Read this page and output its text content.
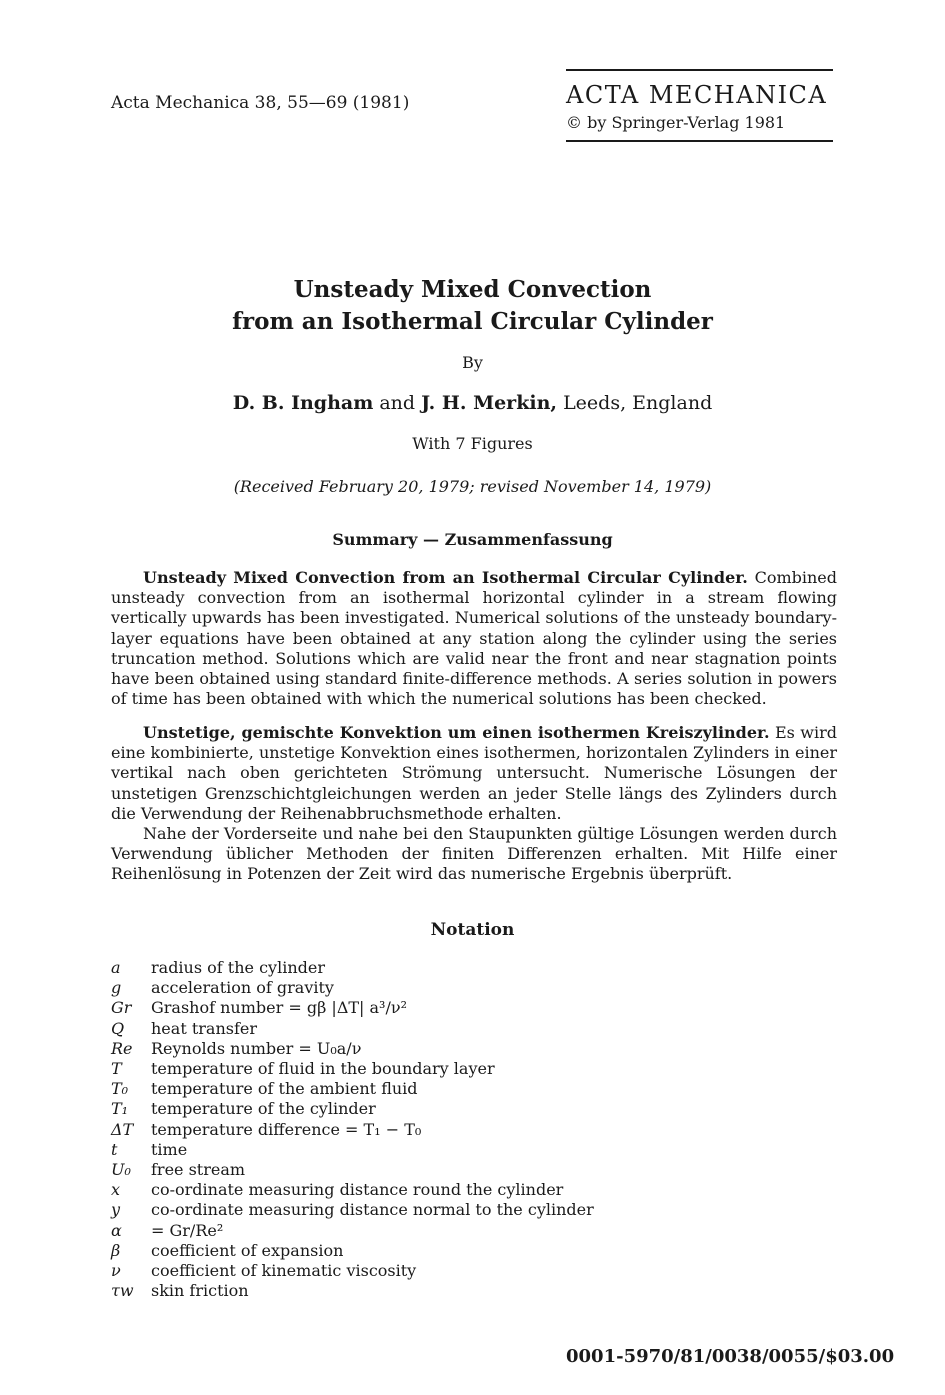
Acta Mechanica 38, 55—69 (1981)	ACTA MECHANICA
© by Springer-Verlag 1981
Unsteady Mixed Convection
from an Isothermal Circular Cylinder
By
D. B. Ingham and J. H. Merkin, Leeds, England
With 7 Figures
(Received February 20, 1979; revised November 14, 1979)
Summary — Zusammenfassung

Unsteady Mixed Convection from an Isothermal Circular Cylinder. Combined unsteady convection from an isothermal horizontal cylinder in a stream flowing vertically upwards has been investigated. Numerical solutions of the unsteady boundary-layer equations have been obtained at any station along the cylinder using the series truncation method. Solutions which are valid near the front and near stagnation points have been obtained using standard finite-difference methods. A series solution in powers of time has been obtained with which the numerical solutions has been checked.

Unstetige, gemischte Konvektion um einen isothermen Kreiszylinder. Es wird eine kombinierte, unstetige Konvektion eines isothermen, horizontalen Zylinders in einer vertikal nach oben gerichteten Strömung untersucht. Numerische Lösungen der unstetigen Grenzschichtgleichungen werden an jeder Stelle längs des Zylinders durch die Verwendung der Reihenabbruchsmethode erhalten.

Nahe der Vorderseite und nahe bei den Staupunkten gültige Lösungen werden durch Verwendung üblicher Methoden der finiten Differenzen erhalten. Mit Hilfe einer Reihenlösung in Potenzen der Zeit wird das numerische Ergebnis überprüft.

Notation
a	radius of the cylinder
g	acceleration of gravity
Gr	Grashof number = gβ |ΔT| a³/ν²
Q	heat transfer
Re	Reynolds number = U₀a/ν
T	temperature of fluid in the boundary layer
T₀	temperature of the ambient fluid
T₁	temperature of the cylinder
ΔT	temperature difference = T₁ − T₀
t	time
U₀	free stream
x	co-ordinate measuring distance round the cylinder
y	co-ordinate measuring distance normal to the cylinder
α	= Gr/Re²
β	coefficient of expansion
ν	coefficient of kinematic viscosity
τw	skin friction
0001-5970/81/0038/0055/$03.00
